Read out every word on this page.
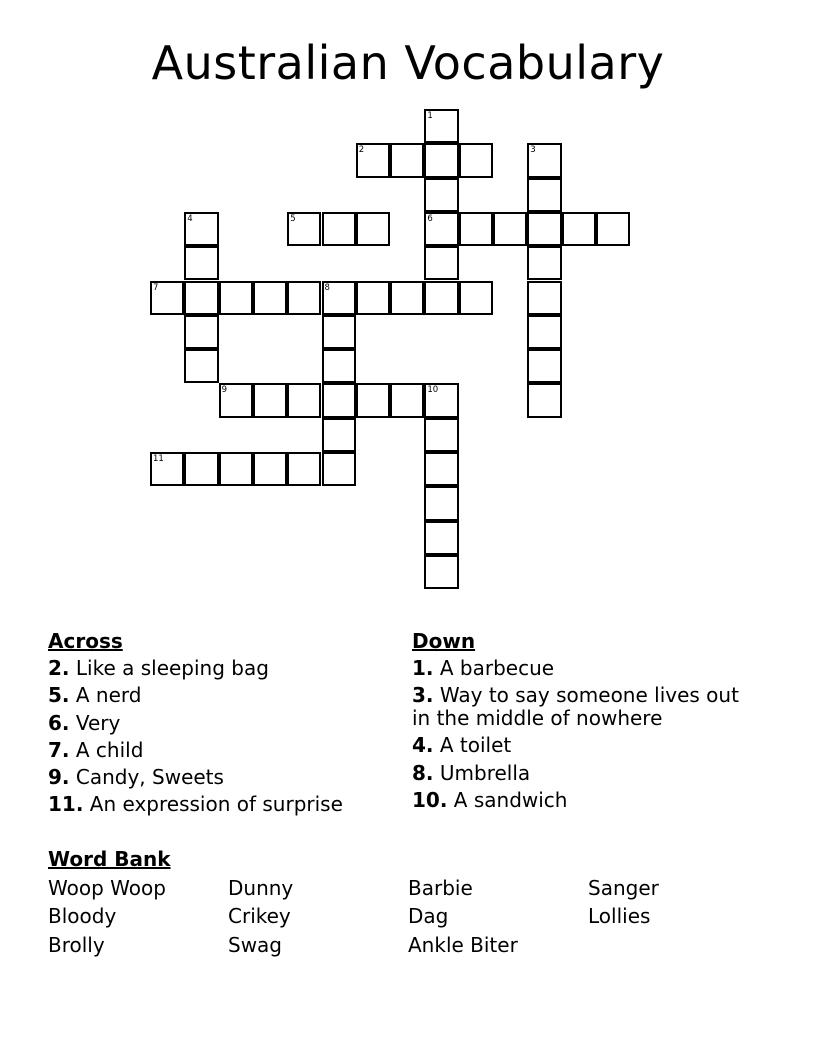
Australian Vocabulary
1
6
2	3
4	5
7	8
9	10
11
Across
2. Like a sleeping bag
5. A nerd
6. Very
7. A child
9. Candy, Sweets
11. An expression of surprise
Down
1. A barbecue
3. Way to say someone lives out in the middle of nowhere
4. A toilet
8. Umbrella
10. A sandwich
Word Bank
Woop Woop	Dunny	Barbie	Sanger
Bloody	Crikey	Dag	Lollies
Brolly	Swag	Ankle Biter
